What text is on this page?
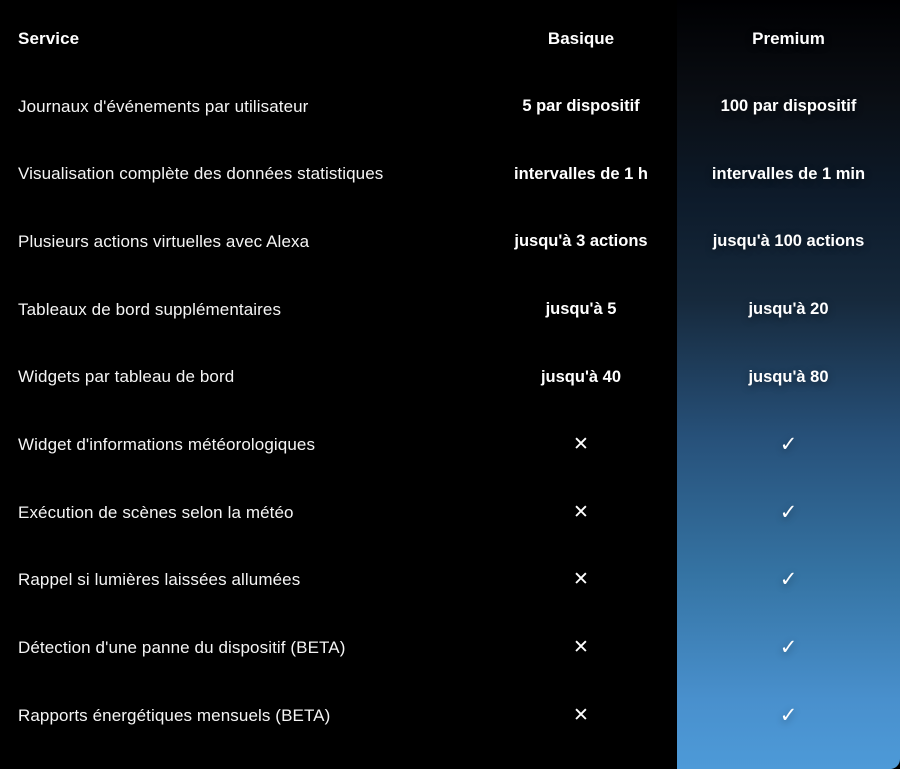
Service	Basique	Premium
Journaux d'événements par utilisateur	5 par dispositif	100 par dispositif
Visualisation complète des données statistiques	intervalles de 1 h	intervalles de 1 min
Plusieurs actions virtuelles avec Alexa	jusqu'à 3 actions	jusqu'à 100 actions
Tableaux de bord supplémentaires	jusqu'à 5	jusqu'à 20
Widgets par tableau de bord	jusqu'à 40	jusqu'à 80
Widget d'informations météorologiques	✕	✓
Exécution de scènes selon la météo	✕	✓
Rappel si lumières laissées allumées	✕	✓
Détection d'une panne du dispositif (BETA)	✕	✓
Rapports énergétiques mensuels (BETA)	✕	✓
